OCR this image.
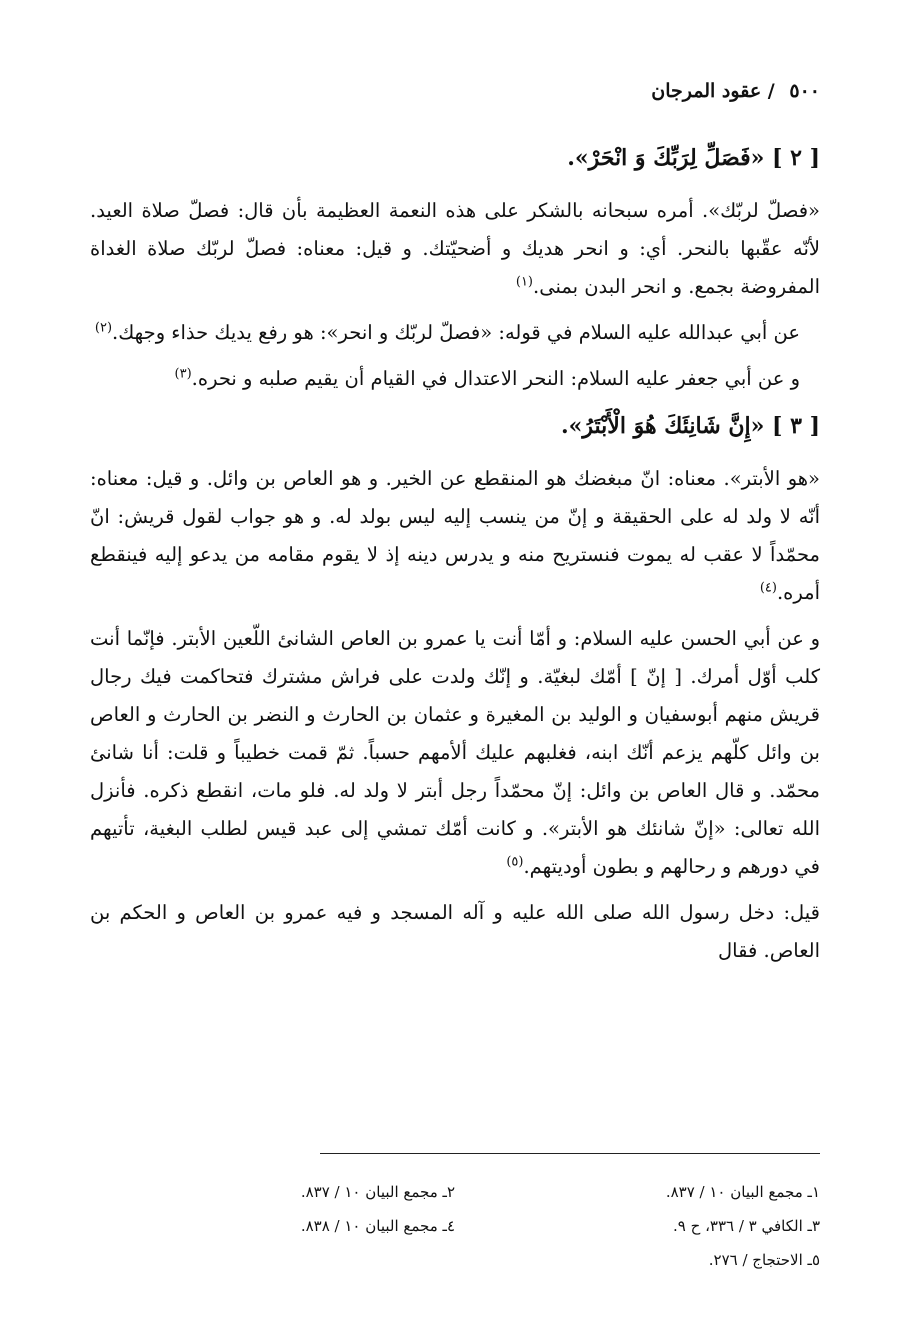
٥٠٠ / عقود المرجان

[ ٢ ] «فَصَلِّ لِرَبِّكَ وَ انْحَرْ».

«فصلّ لربّك». أمره سبحانه بالشكر على هذه النعمة العظيمة بأن قال: فصلّ صلاة العيد. لأنّه عقّبها بالنحر. أي: و انحر هديك و أضحيّتك. و قيل: معناه: فصلّ لربّك صلاة الغداة المفروضة بجمع. و انحر البدن بمنى.$^{(١)}$

عن أبي عبدالله عليه السلام في قوله: «فصلّ لربّك و انحر»: هو رفع يديك حذاء وجهك.$^{(٢)}$

و عن أبي جعفر عليه السلام: النحر الاعتدال في القيام أن يقيم صلبه و نحره.$^{(٣)}$

[ ٣ ] «إِنَّ شَانِئَكَ هُوَ الْأَبْتَرُ».

«هو الأبتر». معناه: انّ مبغضك هو المنقطع عن الخير. و هو العاص بن وائل. و قيل: معناه: أنّه لا ولد له على الحقيقة و إنّ من ينسب إليه ليس بولد له. و هو جواب لقول قريش: انّ محمّداً لا عقب له يموت فنستريح منه و يدرس دينه إذ لا يقوم مقامه من يدعو إليه فينقطع أمره.$^{(٤)}$

و عن أبي الحسن عليه السلام: و أمّا أنت يا عمرو بن العاص الشانئ اللّعين الأبتر. فإنّما أنت كلب أوّل أمرك. [ إنّ ] أمّك لبغيّة. و إنّك ولدت على فراش مشترك فتحاكمت فيك رجال قريش منهم أبوسفيان و الوليد بن المغيرة و عثمان بن الحارث و النضر بن الحارث و العاص بن وائل كلّهم يزعم أنّك ابنه، فغلبهم عليك ألأمهم حسباً. ثمّ قمت خطيباً و قلت: أنا شانئ محمّد. و قال العاص بن وائل: إنّ محمّداً رجل أبتر لا ولد له. فلو مات، انقطع ذكره. فأنزل الله تعالى: «إنّ شانئك هو الأبتر». و كانت أمّك تمشي إلى عبد قيس لطلب البغية، تأتيهم في دورهم و رحالهم و بطون أوديتهم.$^{(٥)}$

قيل: دخل رسول الله صلى الله عليه و آله المسجد و فيه عمرو بن العاص و الحكم بن العاص. فقال

١ـ مجمع البيان ١٠ / ٨٣٧.
٢ـ مجمع البيان ١٠ / ٨٣٧.
٣ـ الكافي ٣ / ٣٣٦، ح ٩.
٤ـ مجمع البيان ١٠ / ٨٣٨.
٥ـ الاحتجاج / ٢٧٦.
